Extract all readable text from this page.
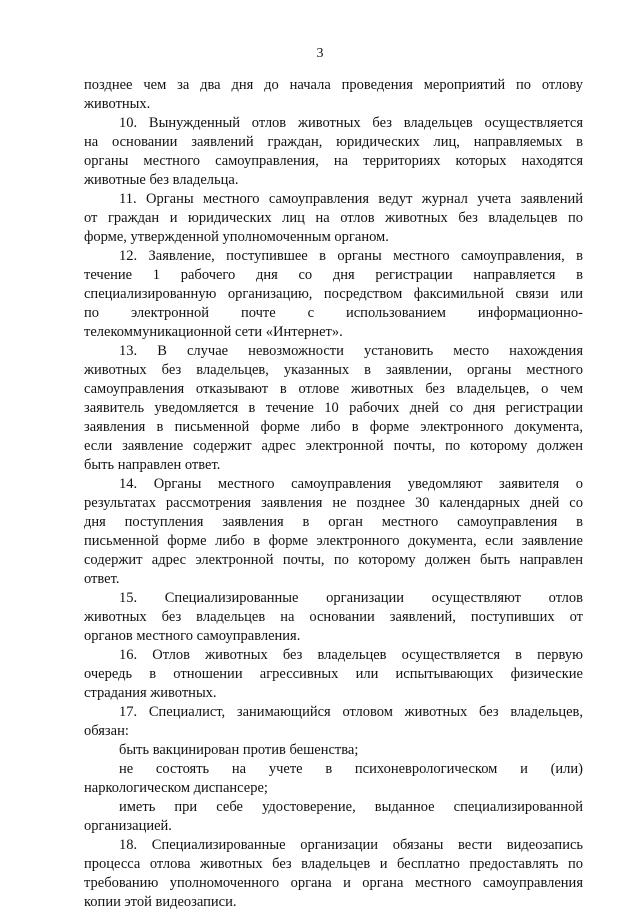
3
позднее чем за два дня до начала проведения мероприятий по отлову
животных.
10. Вынужденный отлов животных без владельцев осуществляется
на основании заявлений граждан, юридических лиц, направляемых в
органы местного самоуправления, на территориях которых находятся
животные без владельца.
11. Органы местного самоуправления ведут журнал учета заявлений
от граждан и юридических лиц на отлов животных без владельцев по
форме, утвержденной уполномоченным органом.
12. Заявление, поступившее в органы местного самоуправления, в
течение 1 рабочего дня со дня регистрации направляется в
специализированную организацию, посредством факсимильной связи или
по электронной почте с использованием информационно-
телекоммуникационной сети «Интернет».
13. В случае невозможности установить место нахождения
животных без владельцев, указанных в заявлении, органы местного
самоуправления отказывают в отлове животных без владельцев, о чем
заявитель уведомляется в течение 10 рабочих дней со дня регистрации
заявления в письменной форме либо в форме электронного документа,
если заявление содержит адрес электронной почты, по которому должен
быть направлен ответ.
14. Органы местного самоуправления уведомляют заявителя о
результатах рассмотрения заявления не позднее 30 календарных дней со
дня поступления заявления в орган местного самоуправления в
письменной форме либо в форме электронного документа, если заявление
содержит адрес электронной почты, по которому должен быть направлен
ответ.
15. Специализированные организации осуществляют отлов
животных без владельцев на основании заявлений, поступивших от
органов местного самоуправления.
16. Отлов животных без владельцев осуществляется в первую
очередь в отношении агрессивных или испытывающих физические
страдания животных.
17. Специалист, занимающийся отловом животных без владельцев,
обязан:
быть вакцинирован против бешенства;
не состоять на учете в психоневрологическом и (или)
наркологическом диспансере;
иметь при себе удостоверение, выданное специализированной
организацией.
18. Специализированные организации обязаны вести видеозапись
процесса отлова животных без владельцев и бесплатно предоставлять по
требованию уполномоченного органа и органа местного самоуправления
копии этой видеозаписи.
